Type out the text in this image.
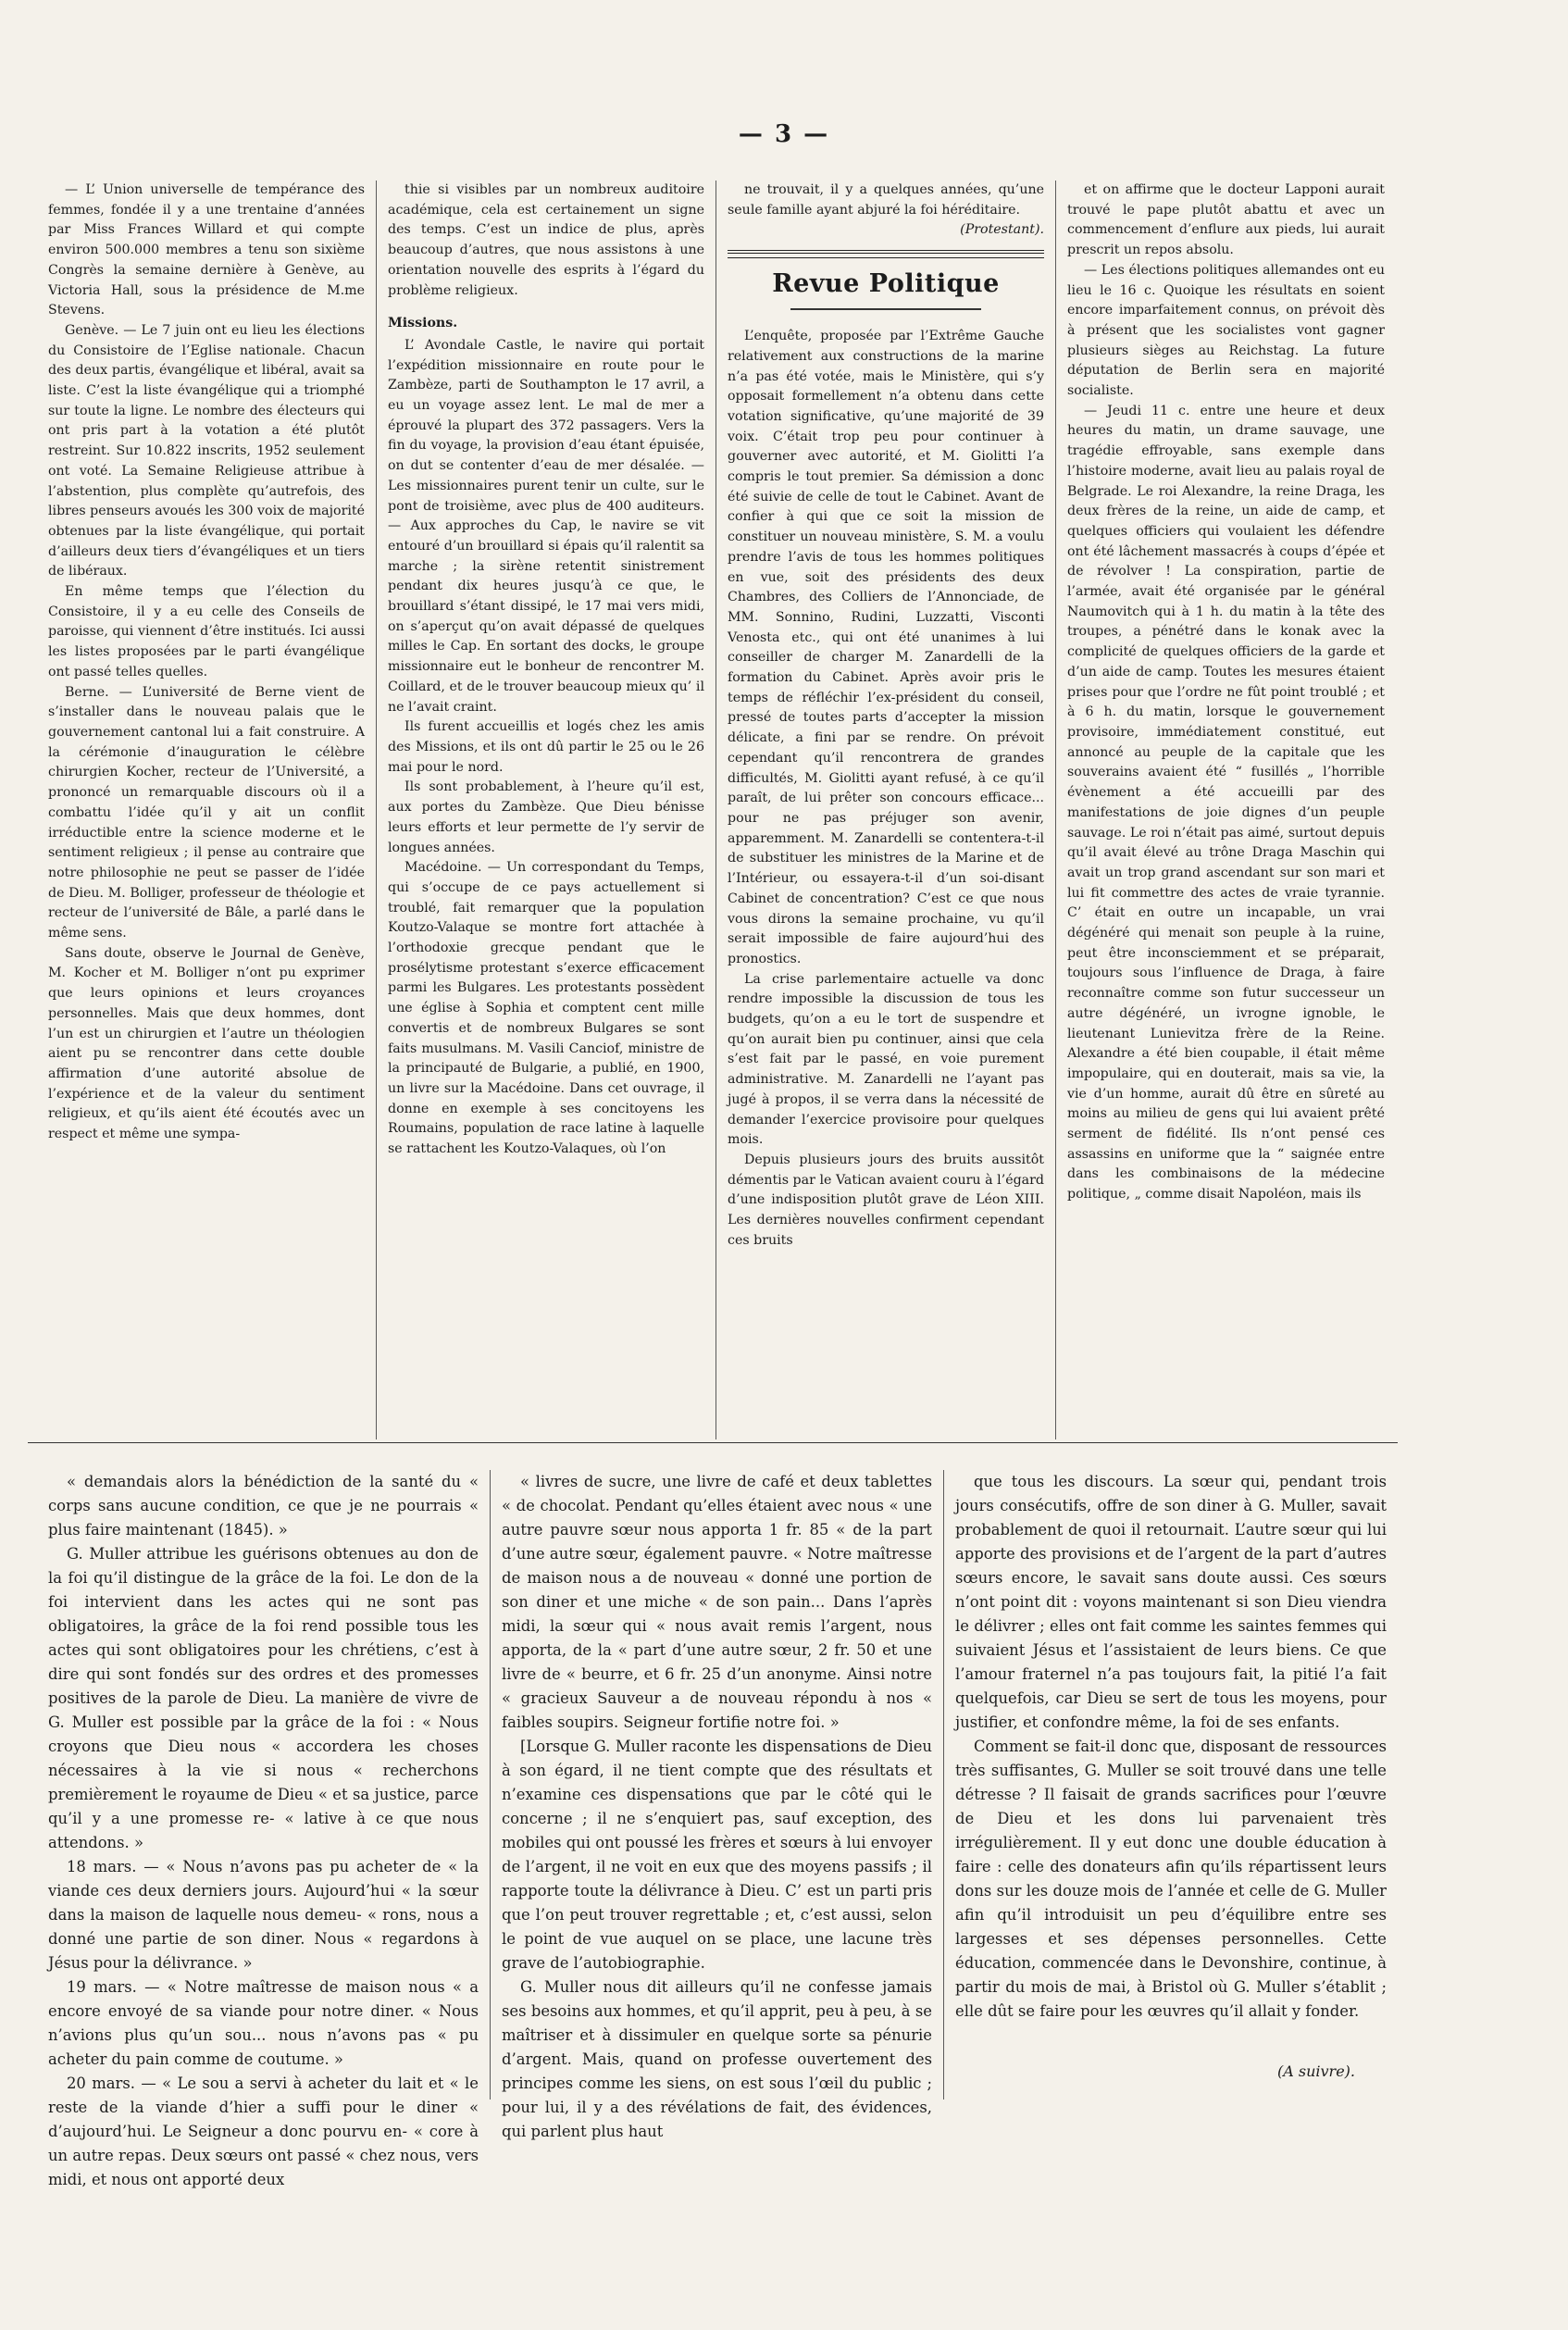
— 3 —

— L’ Union universelle de tempérance des femmes, fondée il y a une trentaine d’années par Miss Frances Willard et qui compte environ 500.000 membres a tenu son sixième Congrès la semaine dernière à Genève, au Victoria Hall, sous la présidence de M.me Stevens.

Genève. — Le 7 juin ont eu lieu les élections du Consistoire de l’Eglise nationale. Chacun des deux partis, évangélique et libéral, avait sa liste. C’est la liste évangélique qui a triomphé sur toute la ligne. Le nombre des électeurs qui ont pris part à la votation a été plutôt restreint. Sur 10.822 inscrits, 1952 seulement ont voté. La Semaine Religieuse attribue à l’abstention, plus complète qu’autrefois, des libres penseurs avoués les 300 voix de majorité obtenues par la liste évangélique, qui portait d’ailleurs deux tiers d’évangéliques et un tiers de libéraux.

En même temps que l’élection du Consistoire, il y a eu celle des Conseils de paroisse, qui viennent d’être institués. Ici aussi les listes proposées par le parti évangélique ont passé telles quelles.

Berne. — L’université de Berne vient de s’installer dans le nouveau palais que le gouvernement cantonal lui a fait construire. A la cérémonie d’inauguration le célèbre chirurgien Kocher, recteur de l’Université, a prononcé un remarquable discours où il a combattu l’idée qu’il y ait un conflit irréductible entre la science moderne et le sentiment religieux ; il pense au contraire que notre philosophie ne peut se passer de l’idée de Dieu. M. Bolliger, professeur de théologie et recteur de l’université de Bâle, a parlé dans le même sens.

Sans doute, observe le Journal de Genève, M. Kocher et M. Bolliger n’ont pu exprimer que leurs opinions et leurs croyances personnelles. Mais que deux hommes, dont l’un est un chirurgien et l’autre un théologien aient pu se rencontrer dans cette double affirmation d’une autorité absolue de l’expérience et de la valeur du sentiment religieux, et qu’ils aient été écoutés avec un respect et même une sympa-

thie si visibles par un nombreux auditoire académique, cela est certainement un signe des temps. C’est un indice de plus, après beaucoup d’autres, que nous assistons à une orientation nouvelle des esprits à l’égard du problème religieux.

Missions.

L’ Avondale Castle, le navire qui portait l’expédition missionnaire en route pour le Zambèze, parti de Southampton le 17 avril, a eu un voyage assez lent. Le mal de mer a éprouvé la plupart des 372 passagers. Vers la fin du voyage, la provision d’eau étant épuisée, on dut se contenter d’eau de mer désalée. — Les missionnaires purent tenir un culte, sur le pont de troisième, avec plus de 400 auditeurs. — Aux approches du Cap, le navire se vit entouré d’un brouillard si épais qu’il ralentit sa marche ; la sirène retentit sinistrement pendant dix heures jusqu’à ce que, le brouillard s’étant dissipé, le 17 mai vers midi, on s’aperçut qu’on avait dépassé de quelques milles le Cap. En sortant des docks, le groupe missionnaire eut le bonheur de rencontrer M. Coillard, et de le trouver beaucoup mieux qu’ il ne l’avait craint.

Ils furent accueillis et logés chez les amis des Missions, et ils ont dû partir le 25 ou le 26 mai pour le nord.

Ils sont probablement, à l’heure qu’il est, aux portes du Zambèze. Que Dieu bénisse leurs efforts et leur permette de l’y servir de longues années.

Macédoine. — Un correspondant du Temps, qui s’occupe de ce pays actuellement si troublé, fait remarquer que la population Koutzo-Valaque se montre fort attachée à l’orthodoxie grecque pendant que le prosélytisme protestant s’exerce efficacement parmi les Bulgares. Les protestants possèdent une église à Sophia et comptent cent mille convertis et de nombreux Bulgares se sont faits musulmans. M. Vasili Canciof, ministre de la principauté de Bulgarie, a publié, en 1900, un livre sur la Macédoine. Dans cet ouvrage, il donne en exemple à ses concitoyens les Roumains, population de race latine à laquelle se rattachent les Koutzo-Valaques, où l’on

ne trouvait, il y a quelques années, qu’une seule famille ayant abjuré la foi héréditaire.

(Protestant).
Revue Politique

L’enquête, proposée par l’Extrême Gauche relativement aux constructions de la marine n’a pas été votée, mais le Ministère, qui s’y opposait formellement n’a obtenu dans cette votation significative, qu’une majorité de 39 voix. C’était trop peu pour continuer à gouverner avec autorité, et M. Giolitti l’a compris le tout premier. Sa démission a donc été suivie de celle de tout le Cabinet. Avant de confier à qui que ce soit la mission de constituer un nouveau ministère, S. M. a voulu prendre l’avis de tous les hommes politiques en vue, soit des présidents des deux Chambres, des Colliers de l’Annonciade, de MM. Sonnino, Rudini, Luzzatti, Visconti Venosta etc., qui ont été unanimes à lui conseiller de charger M. Zanardelli de la formation du Cabinet. Après avoir pris le temps de réfléchir l’ex-président du conseil, pressé de toutes parts d’accepter la mission délicate, a fini par se rendre. On prévoit cependant qu’il rencontrera de grandes difficultés, M. Giolitti ayant refusé, à ce qu’il paraît, de lui prêter son concours efficace... pour ne pas préjuger son avenir, apparemment. M. Zanardelli se contentera-t-il de substituer les ministres de la Marine et de l’Intérieur, ou essayera-t-il d’un soi-disant Cabinet de concentration? C’est ce que nous vous dirons la semaine prochaine, vu qu’il serait impossible de faire aujourd’hui des pronostics.

La crise parlementaire actuelle va donc rendre impossible la discussion de tous les budgets, qu’on a eu le tort de suspendre et qu’on aurait bien pu continuer, ainsi que cela s’est fait par le passé, en voie purement administrative. M. Zanardelli ne l’ayant pas jugé à propos, il se verra dans la nécessité de demander l’exercice provisoire pour quelques mois.

Depuis plusieurs jours des bruits aussitôt démentis par le Vatican avaient couru à l’égard d’une indisposition plutôt grave de Léon XIII. Les dernières nouvelles confirment cependant ces bruits

et on affirme que le docteur Lapponi aurait trouvé le pape plutôt abattu et avec un commencement d’enflure aux pieds, lui aurait prescrit un repos absolu.

— Les élections politiques allemandes ont eu lieu le 16 c. Quoique les résultats en soient encore imparfaitement connus, on prévoit dès à présent que les socialistes vont gagner plusieurs sièges au Reichstag. La future députation de Berlin sera en majorité socialiste.

— Jeudi 11 c. entre une heure et deux heures du matin, un drame sauvage, une tragédie effroyable, sans exemple dans l’histoire moderne, avait lieu au palais royal de Belgrade. Le roi Alexandre, la reine Draga, les deux frères de la reine, un aide de camp, et quelques officiers qui voulaient les défendre ont été lâchement massacrés à coups d’épée et de révolver ! La conspiration, partie de l’armée, avait été organisée par le général Naumovitch qui à 1 h. du matin à la tête des troupes, a pénétré dans le konak avec la complicité de quelques officiers de la garde et d’un aide de camp. Toutes les mesures étaient prises pour que l’ordre ne fût point troublé ; et à 6 h. du matin, lorsque le gouvernement provisoire, immédiatement constitué, eut annoncé au peuple de la capitale que les souverains avaient été “ fusillés „ l’horrible évènement a été accueilli par des manifestations de joie dignes d’un peuple sauvage. Le roi n’était pas aimé, surtout depuis qu’il avait élevé au trône Draga Maschin qui avait un trop grand ascendant sur son mari et lui fit commettre des actes de vraie tyrannie. C’ était en outre un incapable, un vrai dégénéré qui menait son peuple à la ruine, peut être inconsciemment et se préparait, toujours sous l’influence de Draga, à faire reconnaître comme son futur successeur un autre dégénéré, un ivrogne ignoble, le lieutenant Lunievitza frère de la Reine. Alexandre a été bien coupable, il était même impopulaire, qui en douterait, mais sa vie, la vie d’un homme, aurait dû être en sûreté au moins au milieu de gens qui lui avaient prêté serment de fidélité. Ils n’ont pensé ces assassins en uniforme que la “ saignée entre dans les combinaisons de la médecine politique, „ comme disait Napoléon, mais ils

« demandais alors la bénédiction de la santé du « corps sans aucune condition, ce que je ne pourrais « plus faire maintenant (1845). »

G. Muller attribue les guérisons obtenues au don de la foi qu’il distingue de la grâce de la foi. Le don de la foi intervient dans les actes qui ne sont pas obligatoires, la grâce de la foi rend possible tous les actes qui sont obligatoires pour les chrétiens, c’est à dire qui sont fondés sur des ordres et des promesses positives de la parole de Dieu. La manière de vivre de G. Muller est possible par la grâce de la foi : « Nous croyons que Dieu nous « accordera les choses nécessaires à la vie si nous « recherchons premièrement le royaume de Dieu « et sa justice, parce qu’il y a une promesse re- « lative à ce que nous attendons. »

18 mars. — « Nous n’avons pas pu acheter de « la viande ces deux derniers jours. Aujourd’hui « la sœur dans la maison de laquelle nous demeu- « rons, nous a donné une partie de son diner. Nous « regardons à Jésus pour la délivrance. »

19 mars. — « Notre maîtresse de maison nous « a encore envoyé de sa viande pour notre diner. « Nous n’avions plus qu’un sou... nous n’avons pas « pu acheter du pain comme de coutume. »

20 mars. — « Le sou a servi à acheter du lait et « le reste de la viande d’hier a suffi pour le diner « d’aujourd’hui. Le Seigneur a donc pourvu en- « core à un autre repas. Deux sœurs ont passé « chez nous, vers midi, et nous ont apporté deux

« livres de sucre, une livre de café et deux tablettes « de chocolat. Pendant qu’elles étaient avec nous « une autre pauvre sœur nous apporta 1 fr. 85 « de la part d’une autre sœur, également pauvre. « Notre maîtresse de maison nous a de nouveau « donné une portion de son diner et une miche « de son pain... Dans l’après midi, la sœur qui « nous avait remis l’argent, nous apporta, de la « part d’une autre sœur, 2 fr. 50 et une livre de « beurre, et 6 fr. 25 d’un anonyme. Ainsi notre « gracieux Sauveur a de nouveau répondu à nos « faibles soupirs. Seigneur fortifie notre foi. »

[Lorsque G. Muller raconte les dispensations de Dieu à son égard, il ne tient compte que des résultats et n’examine ces dispensations que par le côté qui le concerne ; il ne s’enquiert pas, sauf exception, des mobiles qui ont poussé les frères et sœurs à lui envoyer de l’argent, il ne voit en eux que des moyens passifs ; il rapporte toute la délivrance à Dieu. C’ est un parti pris que l’on peut trouver regrettable ; et, c’est aussi, selon le point de vue auquel on se place, une lacune très grave de l’autobiographie.

G. Muller nous dit ailleurs qu’il ne confesse jamais ses besoins aux hommes, et qu’il apprit, peu à peu, à se maîtriser et à dissimuler en quelque sorte sa pénurie d’argent. Mais, quand on professe ouvertement des principes comme les siens, on est sous l’œil du public ; pour lui, il y a des révélations de fait, des évidences, qui parlent plus haut

que tous les discours. La sœur qui, pendant trois jours consécutifs, offre de son diner à G. Muller, savait probablement de quoi il retournait. L’autre sœur qui lui apporte des provisions et de l’argent de la part d’autres sœurs encore, le savait sans doute aussi. Ces sœurs n’ont point dit : voyons maintenant si son Dieu viendra le délivrer ; elles ont fait comme les saintes femmes qui suivaient Jésus et l’assistaient de leurs biens. Ce que l’amour fraternel n’a pas toujours fait, la pitié l’a fait quelquefois, car Dieu se sert de tous les moyens, pour justifier, et confondre même, la foi de ses enfants.

Comment se fait-il donc que, disposant de ressources très suffisantes, G. Muller se soit trouvé dans une telle détresse ? Il faisait de grands sacrifices pour l’œuvre de Dieu et les dons lui parvenaient très irrégulièrement. Il y eut donc une double éducation à faire : celle des donateurs afin qu’ils répartissent leurs dons sur les douze mois de l’année et celle de G. Muller afin qu’il introduisit un peu d’équilibre entre ses largesses et ses dépenses personnelles. Cette éducation, commencée dans le Devonshire, continue, à partir du mois de mai, à Bristol où G. Muller s’établit ; elle dût se faire pour les œuvres qu’il allait y fonder.

(A suivre).
